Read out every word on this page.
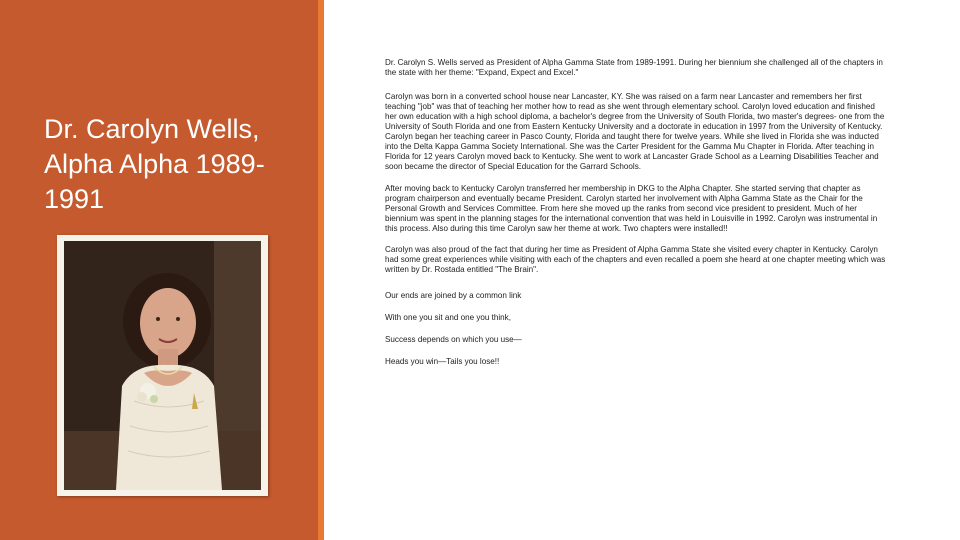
Dr. Carolyn Wells, Alpha Alpha 1989-1991

Dr. Carolyn S. Wells served as President of Alpha Gamma State from 1989-1991. During her biennium she challenged all of the chapters in the state with her theme: "Expand, Expect and Excel."

Carolyn was born in a converted school house near Lancaster, KY. She was raised on a farm near Lancaster and remembers her first teaching "job" was that of teaching her mother how to read as she went through elementary school. Carolyn loved education and finished her own education with a high school diploma, a bachelor's degree from the University of South Florida, two master's degrees- one from the University of South Florida and one from Eastern Kentucky University and a doctorate in education in 1997 from the University of Kentucky. Carolyn began her teaching career in Pasco County, Florida and taught there for twelve years. While she lived in Florida she was inducted into the Delta Kappa Gamma Society International. She was the Carter President for the Gamma Mu Chapter in Florida. After teaching in Florida for 12 years Carolyn moved back to Kentucky. She went to work at Lancaster Grade School as a Learning Disabilities Teacher and soon became the director of Special Education for the Garrard Schools.

After moving back to Kentucky Carolyn transferred her membership in DKG to the Alpha Chapter. She started serving that chapter as program chairperson and eventually became President. Carolyn started her involvement with Alpha Gamma State as the Chair for the Personal Growth and Services Committee. From here she moved up the ranks from second vice president to president. Much of her biennium was spent in the planning stages for the international convention that was held in Louisville in 1992. Carolyn was instrumental in this process. Also during this time Carolyn saw her theme at work. Two chapters were installed!!

Carolyn was also proud of the fact that during her time as President of Alpha Gamma State she visited every chapter in Kentucky. Carolyn had some great experiences while visiting with each of the chapters and even recalled a poem she heard at one chapter meeting which was written by Dr. Rostada entitled "The Brain".

Our ends are joined by a common link

With one you sit and one you think,

Success depends on which you use—

Heads you win—Tails you lose!!
